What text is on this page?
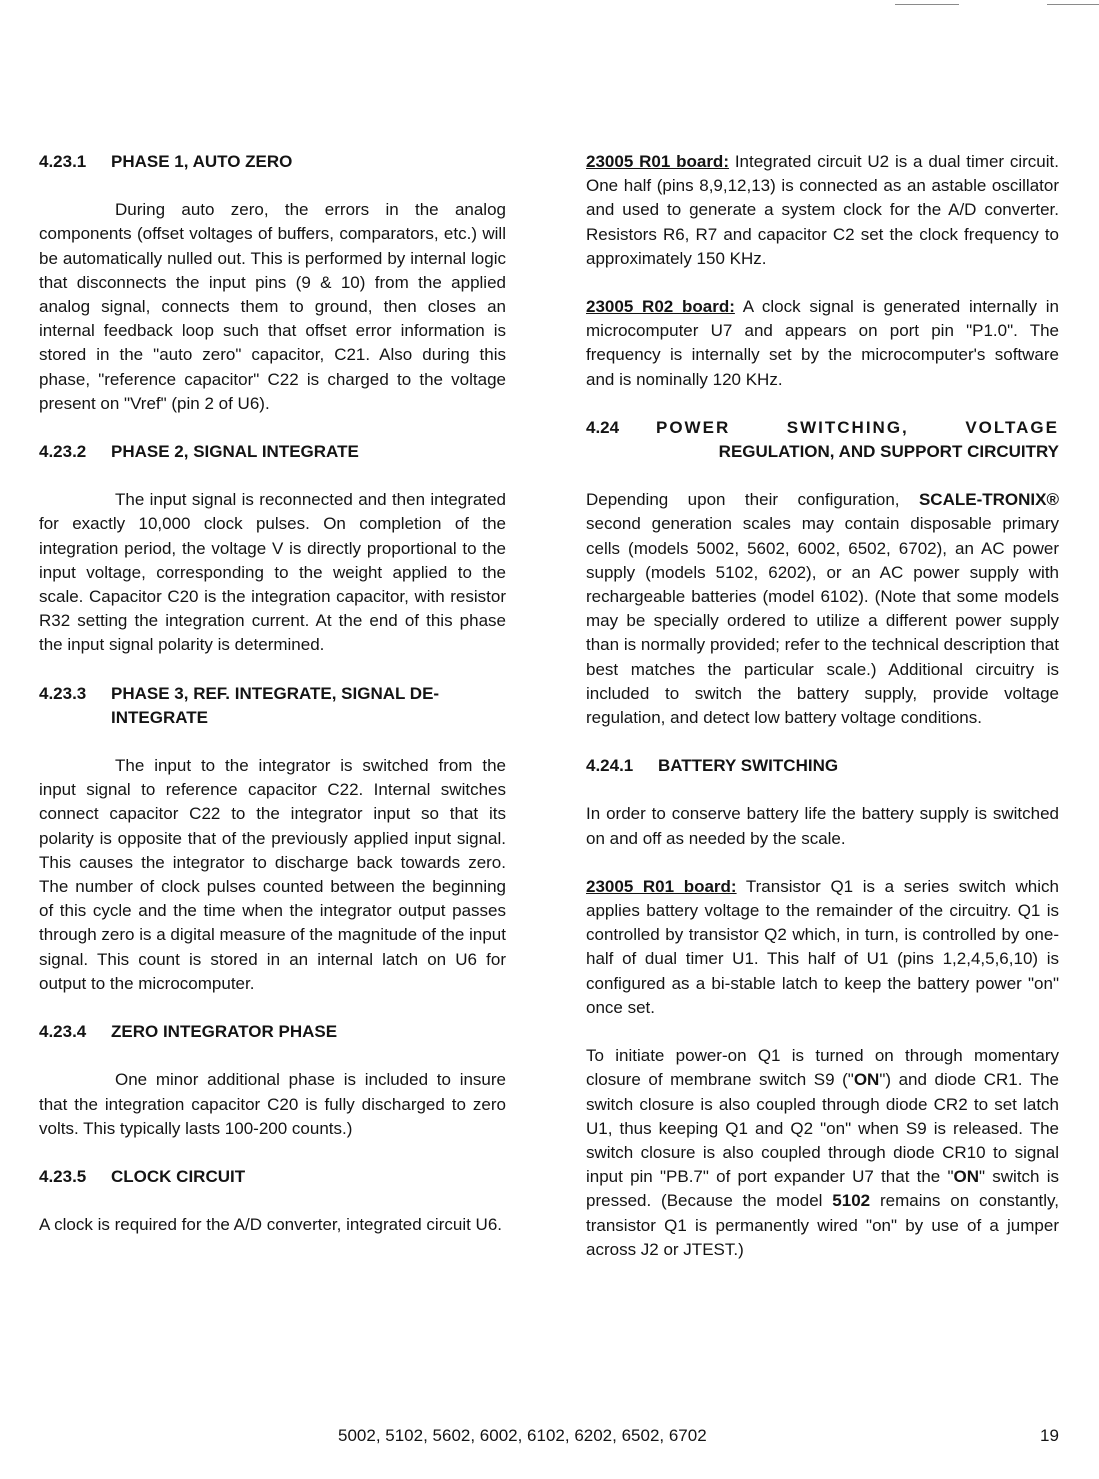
4.23.1	PHASE 1, AUTO ZERO

During auto zero, the errors in the analog components (offset voltages of buffers, comparators, etc.) will be automatically nulled out. This is performed by internal logic that disconnects the input pins (9 & 10) from the applied analog signal, connects them to ground, then closes an internal feedback loop such that offset error information is stored in the "auto zero" capacitor, C21. Also during this phase, "reference capacitor" C22 is charged to the voltage present on "Vref" (pin 2 of U6).

4.23.2	PHASE 2, SIGNAL INTEGRATE

The input signal is reconnected and then integrated for exactly 10,000 clock pulses. On completion of the integration period, the voltage V is directly proportional to the input voltage, corresponding to the weight applied to the scale. Capacitor C20 is the integration capacitor, with resistor R32 setting the integration current. At the end of this phase the input signal polarity is determined.

4.23.3	PHASE 3, REF. INTEGRATE, SIGNAL DE-INTEGRATE

The input to the integrator is switched from the input signal to reference capacitor C22. Internal switches connect capacitor C22 to the integrator input so that its polarity is opposite that of the previously applied input signal. This causes the integrator to discharge back towards zero. The number of clock pulses counted between the beginning of this cycle and the time when the integrator output passes through zero is a digital measure of the magnitude of the input signal. This count is stored in an internal latch on U6 for output to the microcomputer.

4.23.4	ZERO INTEGRATOR PHASE

One minor additional phase is included to insure that the integration capacitor C20 is fully discharged to zero volts. This typically lasts 100-200 counts.)

4.23.5	CLOCK CIRCUIT

A clock is required for the A/D converter, integrated circuit U6.

23005 R01 board: Integrated circuit U2 is a dual timer circuit. One half (pins 8,9,12,13) is connected as an astable oscillator and used to generate a system clock for the A/D converter. Resistors R6, R7 and capacitor C2 set the clock frequency to approximately 150 KHz.

23005 R02 board: A clock signal is generated internally in microcomputer U7 and appears on port pin "P1.0". The frequency is internally set by the microcomputer's software and is nominally 120 KHz.

4.24	POWER	SWITCHING,	VOLTAGE
REGULATION, AND SUPPORT CIRCUITRY

Depending upon their configuration, SCALE-TRONIX® second generation scales may contain disposable primary cells (models 5002, 5602, 6002, 6502, 6702), an AC power supply (models 5102, 6202), or an AC power supply with rechargeable batteries (model 6102). (Note that some models may be specially ordered to utilize a different power supply than is normally provided; refer to the technical description that best matches the particular scale.) Additional circuitry is included to switch the battery supply, provide voltage regulation, and detect low battery voltage conditions.

4.24.1	BATTERY SWITCHING

In order to conserve battery life the battery supply is switched on and off as needed by the scale.

23005 R01 board: Transistor Q1 is a series switch which applies battery voltage to the remainder of the circuitry. Q1 is controlled by transistor Q2 which, in turn, is controlled by one-half of dual timer U1. This half of U1 (pins 1,2,4,5,6,10) is configured as a bi-stable latch to keep the battery power "on" once set.

To initiate power-on Q1 is turned on through momentary closure of membrane switch S9 ("ON") and diode CR1. The switch closure is also coupled through diode CR2 to set latch U1, thus keeping Q1 and Q2 "on" when S9 is released. The switch closure is also coupled through diode CR10 to signal input pin "PB.7" of port expander U7 that the "ON" switch is pressed. (Because the model 5102 remains on constantly, transistor Q1 is permanently wired "on" by use of a jumper across J2 or JTEST.)

5002, 5102, 5602, 6002, 6102, 6202, 6502, 6702	19
